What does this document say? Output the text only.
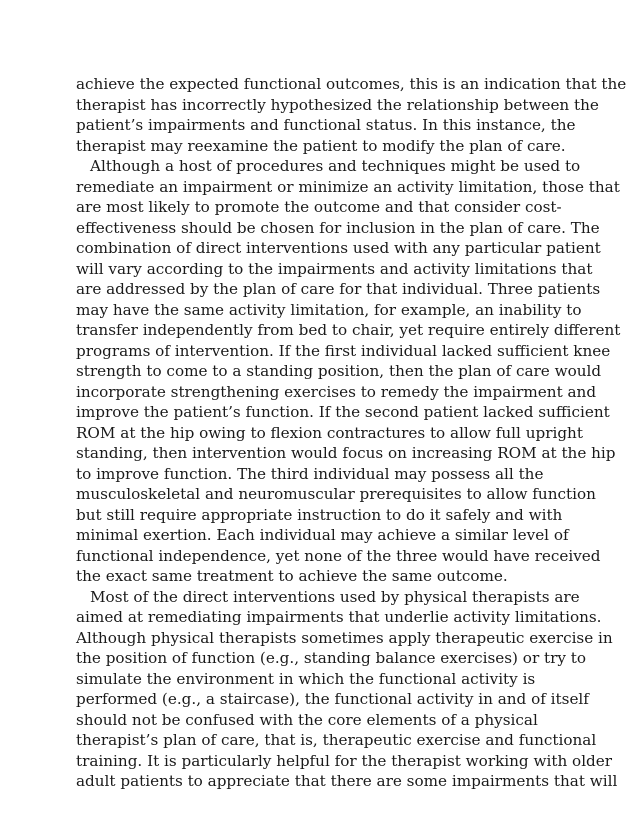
achieve the expected functional outcomes, this is an indication that the
therapist has incorrectly hypothesized the relationship between the
patient’s impairments and functional status. In this instance, the
therapist may reexamine the patient to modify the plan of care.
Although a host of procedures and techniques might be used to
remediate an impairment or minimize an activity limitation, those that
are most likely to promote the outcome and that consider cost-
effectiveness should be chosen for inclusion in the plan of care. The
combination of direct interventions used with any particular patient
will vary according to the impairments and activity limitations that
are addressed by the plan of care for that individual. Three patients
may have the same activity limitation, for example, an inability to
transfer independently from bed to chair, yet require entirely different
programs of intervention. If the first individual lacked sufficient knee
strength to come to a standing position, then the plan of care would
incorporate strengthening exercises to remedy the impairment and
improve the patient’s function. If the second patient lacked sufficient
ROM at the hip owing to flexion contractures to allow full upright
standing, then intervention would focus on increasing ROM at the hip
to improve function. The third individual may possess all the
musculoskeletal and neuromuscular prerequisites to allow function
but still require appropriate instruction to do it safely and with
minimal exertion. Each individual may achieve a similar level of
functional independence, yet none of the three would have received
the exact same treatment to achieve the same outcome.
Most of the direct interventions used by physical therapists are
aimed at remediating impairments that underlie activity limitations.
Although physical therapists sometimes apply therapeutic exercise in
the position of function (e.g., standing balance exercises) or try to
simulate the environment in which the functional activity is
performed (e.g., a staircase), the functional activity in and of itself
should not be confused with the core elements of a physical
therapist’s plan of care, that is, therapeutic exercise and functional
training. It is particularly helpful for the therapist working with older
adult patients to appreciate that there are some impairments that will
